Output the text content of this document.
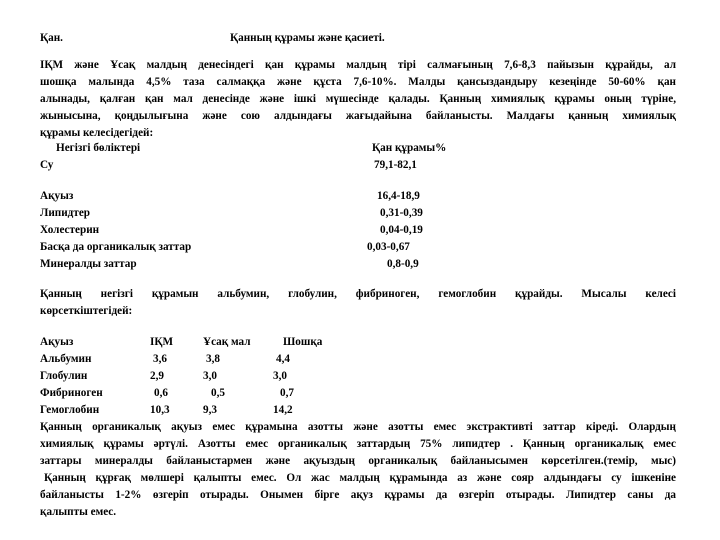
Қан.	Қанның құрамы және қасиеті.
ІҚМ және Ұсақ малдың денесіндегі қан құрамы малдың тірі салмағының 7,6-8,3 пайызын құрайды, ал
шошқа малында 4,5% таза салмаққа және құста 7,6-10%. Малды қансыздандыру кезеңінде 50-60% қан
алынады, қалған қан мал денесінде және ішкі мүшесінде қалады. Қанның химиялық құрамы оның түріне,
жынысына, қоңдылығына және сою алдындағы жағыдайына байланысты. Малдағы қанның химиялық
құрамы келесідегідей:
Негізгі бөліктері	Қан құрамы%
Су	79,1-82,1
Ақуыз	16,4-18,9
Липидтер	0,31-0,39
Холестерин	0,04-0,19
Басқа да органикалық заттар	0,03-0,67
Минералды заттар	0,8-0,9
Қанның негізгі құрамын альбумин, глобулин, фибриноген, гемоглобин құрайды. Мысалы келесі
көрсеткіштегідей:
Ақуыз	ІҚМ	Ұсақ мал	Шошқа
Альбумин	3,6	3,8	4,4
Глобулин	2,9	3,0	3,0
Фибриноген	0,6	0,5	0,7
Гемоглобин	10,3	9,3	14,2
Қанның органикалық ақуыз емес құрамына азотты және азотты емес экстрактивті заттар кіреді. Олардың
химиялық құрамы әртүлі. Азотты емес органикалық заттардың 75% липидтер . Қанның органикалық емес
заттары минералды байланыстармен және ақуыздың органикалық байланысымен көрсетілген.(темір, мыс)
Қанның құрғақ мөлшері қалыпты емес. Ол жас малдың құрамында аз және сояр алдындағы су ішкеніне
байланысты 1-2% өзгеріп отырады. Онымен бірге ақуз құрамы да өзгеріп отырады. Липидтер саны да
қалыпты емес.
